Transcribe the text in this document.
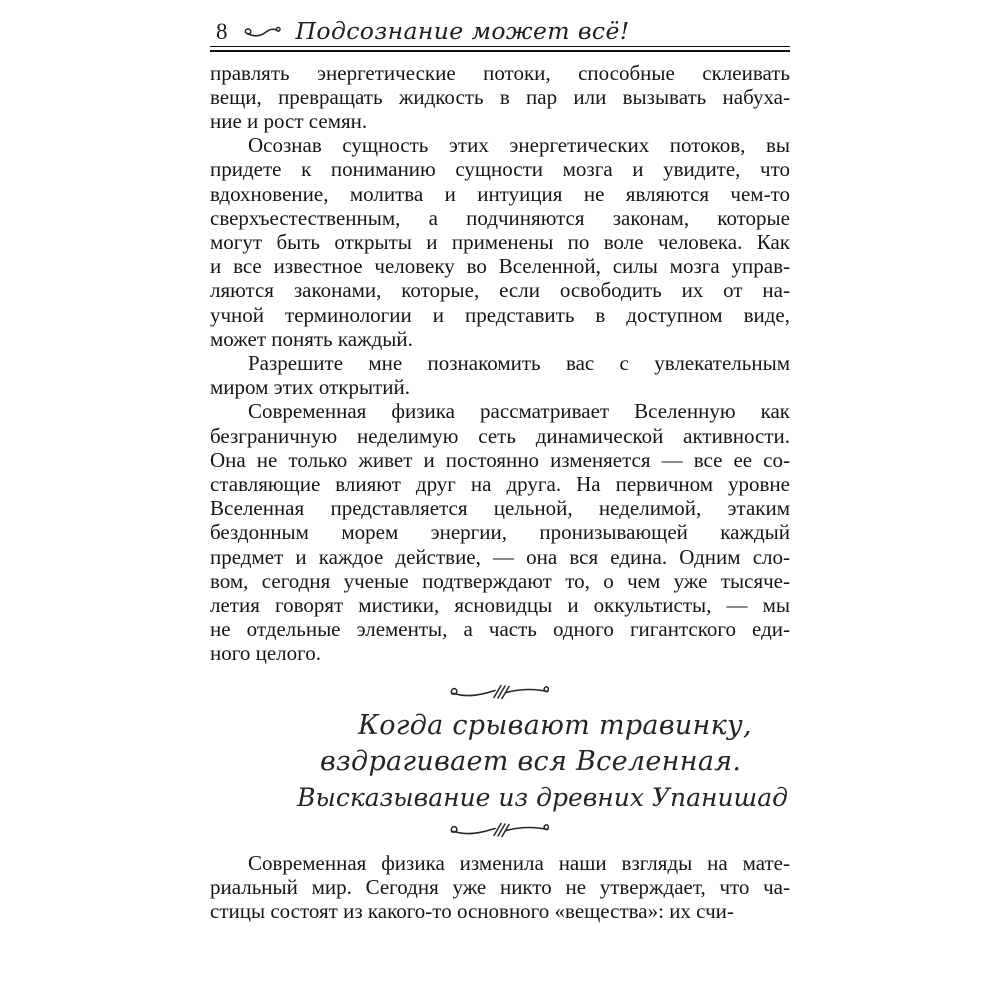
8	Подсознание может всё!
правлять энергетические потоки, способные склеивать
вещи, превращать жидкость в пар или вызывать набуха-
ние и рост семян.
Осознав сущность этих энергетических потоков, вы
придете к пониманию сущности мозга и увидите, что
вдохновение, молитва и интуиция не являются чем-то
сверхъестественным, а подчиняются законам, которые
могут быть открыты и применены по воле человека. Как
и все известное человеку во Вселенной, силы мозга управ-
ляются законами, которые, если освободить их от на-
учной терминологии и представить в доступном виде,
может понять каждый.
Разрешите мне познакомить вас с увлекательным
миром этих открытий.
Современная физика рассматривает Вселенную как
безграничную неделимую сеть динамической активности.
Она не только живет и постоянно изменяется — все ее со-
ставляющие влияют друг на друга. На первичном уровне
Вселенная представляется цельной, неделимой, этаким
бездонным морем энергии, пронизывающей каждый
предмет и каждое действие, — она вся едина. Одним сло-
вом, сегодня ученые подтверждают то, о чем уже тысяче-
летия говорят мистики, ясновидцы и оккультисты, — мы
не отдельные элементы, а часть одного гигантского еди-
ного целого.
Когда срывают травинку,
вздрагивает вся Вселенная.
Высказывание из древних Упанишад
Современная физика изменила наши взгляды на мате-
риальный мир. Сегодня уже никто не утверждает, что ча-
стицы состоят из какого-то основного «вещества»: их счи-
